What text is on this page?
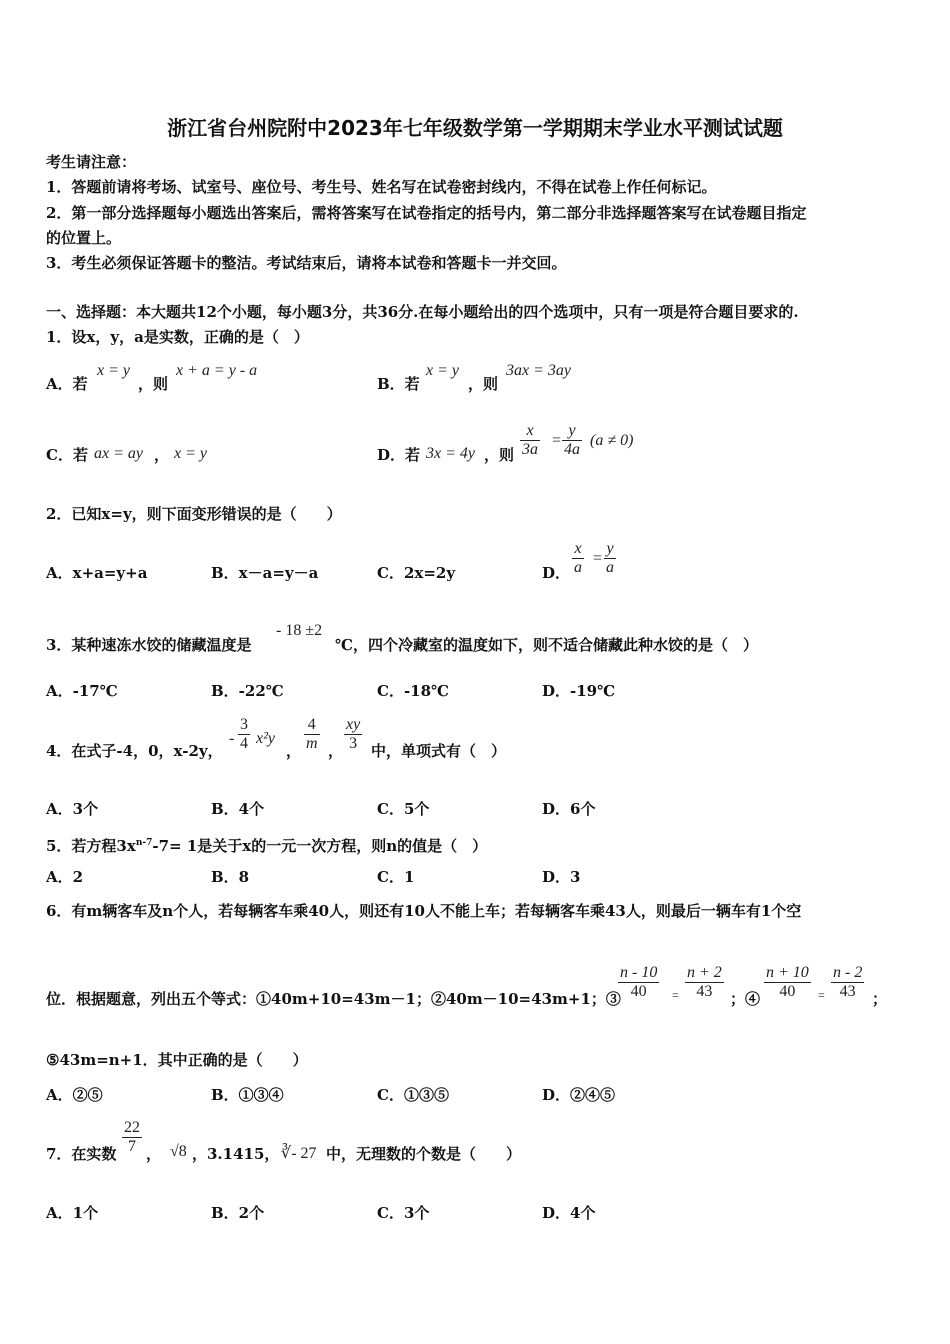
浙江省台州院附中2023年七年级数学第一学期期末学业水平测试试题
考生请注意：
1．答题前请将考场、试室号、座位号、考生号、姓名写在试卷密封线内，不得在试卷上作任何标记。
2．第一部分选择题每小题选出答案后，需将答案写在试卷指定的括号内，第二部分非选择题答案写在试卷题目指定
的位置上。
3．考生必须保证答题卡的整洁。考试结束后，请将本试卷和答题卡一并交回。
一、选择题：本大题共12个小题，每小题3分，共36分.在每小题给出的四个选项中，只有一项是符合题目要求的.
1．设x，y，a是实数，正确的是（　）
A．若
x = y
，则
x + a = y - a
B．若
x = y
，则
3ax = 3ay
C．若 ax = ay ， x = y	D．若 3x = 4y ，则
x
3a
=
y
4a
(a ≠ 0)
2．已知x=y，则下面变形错误的是（　　）
A．x+a=y+a	B．x－a=y－a	C．2x=2y	D．
x
a
=
y
a
3．某种速冻水饺的储藏温度是
- 18 ±2
℃，四个冷藏室的温度如下，则不适合储藏此种水饺的是（　）
A．-17℃	B．-22℃	C．-18℃	D．-19℃
4．在式子-4，0，x-2y，
-
3
4 x²y
，
4
m ，
xy
3 中，单项式有（　）
A．3个	B．4个	C．5个	D．6个
5．若方程$3x^{n-7}-7= 1$是关于x的一元一次方程，则n的值是（　）
A．2	B．8	C．1	D．3
6．有m辆客车及n个人，若每辆客车乘40人，则还有10人不能上车；若每辆客车乘43人，则最后一辆车有1个空
位．根据题意，列出五个等式：①40m+10=43m－1；②40m－10=43m+1；③
n - 10
40	=
n + 2
43	；④
n + 10
40	=
n - 2
43	；
⑤43m=n+1．其中正确的是（　　）
A．②⑤	B．①③④	C．①③⑤	D．②④⑤
7．在实数
22
7 ， √8 ，3.1415， ∛- 27 中，无理数的个数是（　　）
A．1个	B．2个	C．3个	D．4个
